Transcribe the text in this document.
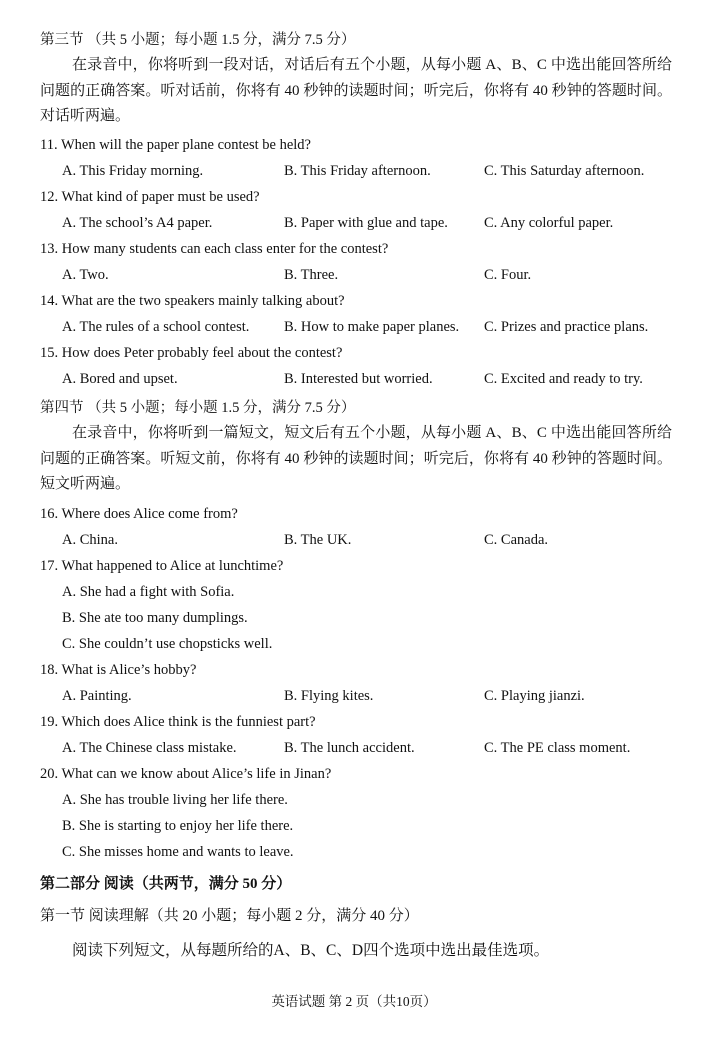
第三节 （共 5 小题；每小题 1.5 分，满分 7.5 分）
在录音中，你将听到一段对话，对话后有五个小题，从每小题 A、B、C 中选出能回答所给问题的正确答案。听对话前，你将有 40 秒钟的读题时间；听完后，你将有 40 秒钟的答题时间。对话听两遍。
11. When will the paper plane contest be held?
A. This Friday morning.	B. This Friday afternoon.	C. This Saturday afternoon.
12. What kind of paper must be used?
A. The school’s A4 paper.	B. Paper with glue and tape. C. Any colorful paper.
13. How many students can each class enter for the contest?
A. Two.	B. Three.	C. Four.
14. What are the two speakers mainly talking about?
A. The rules of a school contest. B. How to make paper planes. C. Prizes and practice plans.
15. How does Peter probably feel about the contest?
A. Bored and upset.	B. Interested but worried.	C. Excited and ready to try.
第四节 （共 5 小题；每小题 1.5 分，满分 7.5 分）
在录音中，你将听到一篇短文，短文后有五个小题，从每小题 A、B、C 中选出能回答所给问题的正确答案。听短文前，你将有 40 秒钟的读题时间；听完后，你将有 40 秒钟的答题时间。短文听两遍。
16. Where does Alice come from?
A. China.	B. The UK.	C. Canada.
17. What happened to Alice at lunchtime?
A. She had a fight with Sofia.
B. She ate too many dumplings.
C. She couldn’t use chopsticks well.
18. What is Alice’s hobby?
A. Painting.	B. Flying kites.	C. Playing jianzi.
19. Which does Alice think is the funniest part?
A. The Chinese class mistake.	B. The lunch accident.	C. The PE class moment.
20. What can we know about Alice’s life in Jinan?
A. She has trouble living her life there.
B. She is starting to enjoy her life there.
C. She misses home and wants to leave.
第二部分 阅读（共两节，满分 50 分）
第一节 阅读理解（共 20 小题；每小题 2 分，满分 40 分）
阅读下列短文，从每题所给的A、B、C、D四个选项中选出最佳选项。
英语试题 第 2 页（共10页）
